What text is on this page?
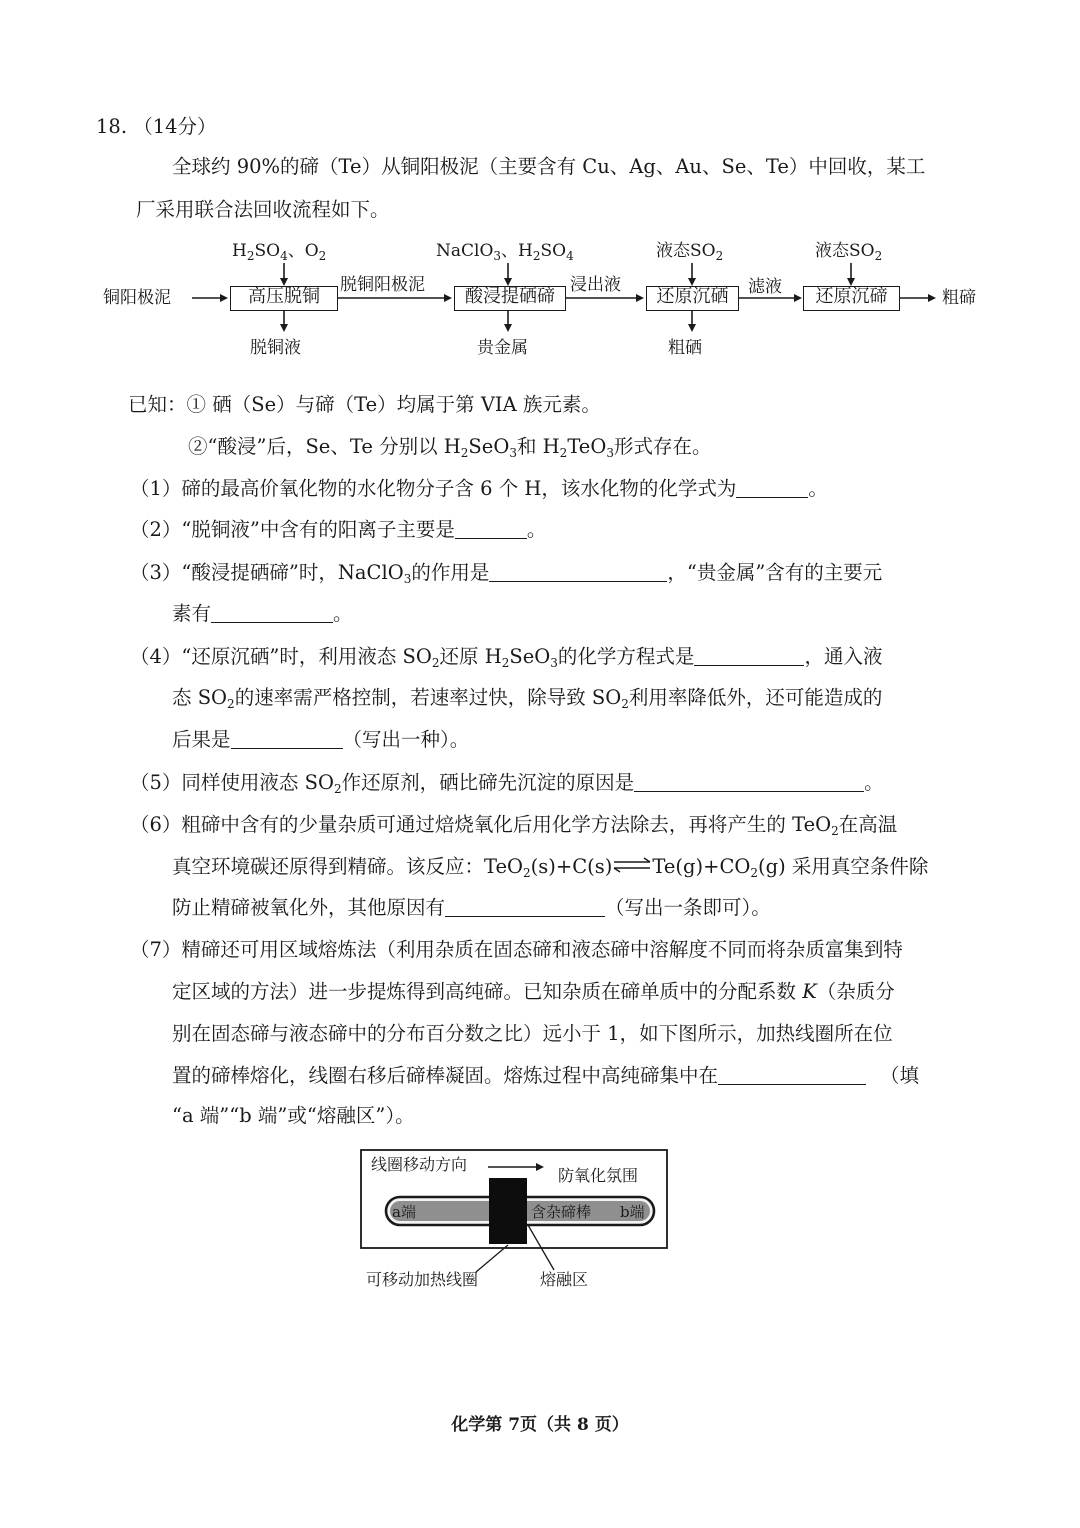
18. （14分）
全球约 90%的碲（Te）从铜阳极泥（主要含有 Cu、Ag、Au、Se、Te）中回收，某工
厂采用联合法回收流程如下。
铜阳极泥	高压脱铜
$H_2SO_4$、$O_2$
脱铜液
脱铜阳极泥
酸浸提硒碲
NaClO$_3$、$H_2SO_4$
贵金属
浸出液
还原沉硒
液态$SO_2$
粗硒
滤液	还原沉碲
液态$SO_2$
粗碲
已知：① 硒（Se）与碲（Te）均属于第 VIA 族元素。
②“酸浸”后，Se、Te 分别以 $H_2SeO_3$和 $H_2TeO_3$形式存在。
（1）碲的最高价氧化物的水化物分子含 6 个 H，该水化物的化学式为	。
（2）“脱铜液”中含有的阳离子主要是	。
（3）“酸浸提硒碲”时，NaClO$_3$的作用是	，“贵金属”含有的主要元
素有	。
（4）“还原沉硒”时，利用液态 $SO_2$还原 $H_2SeO_3$的化学方程式是	，通入液
态 $SO_2$的速率需严格控制，若速率过快，除导致 $SO_2$利用率降低外，还可能造成的
后果是	（写出一种）。
（5）同样使用液态 $SO_2$作还原剂，硒比碲先沉淀的原因是	。
（6）粗碲中含有的少量杂质可通过焙烧氧化后用化学方法除去，再将产生的 TeO$_2$在高温
真空环境碳还原得到精碲。该反应：$TeO_2(s)+C(s)\rightleftharpoons Te(g)+CO_2(g)$ 采用真空条件除
防止精碲被氧化外，其他原因有	（写出一条即可）。
（7）精碲还可用区域熔炼法（利用杂质在固态碲和液态碲中溶解度不同而将杂质富集到特
定区域的方法）进一步提炼得到高纯碲。已知杂质在碲单质中的分配系数 K（杂质分
别在固态碲与液态碲中的分布百分数之比）远小于 1，如下图所示，加热线圈所在位
置的碲棒熔化，线圈右移后碲棒凝固。熔炼过程中高纯碲集中在	（填
“a 端”“b 端”或“熔融区”）。
线圈移动方向
防氧化氛围
a端	含杂碲棒 b端
可移动加热线圈	熔融区
化学第 7页（共 8 页）
